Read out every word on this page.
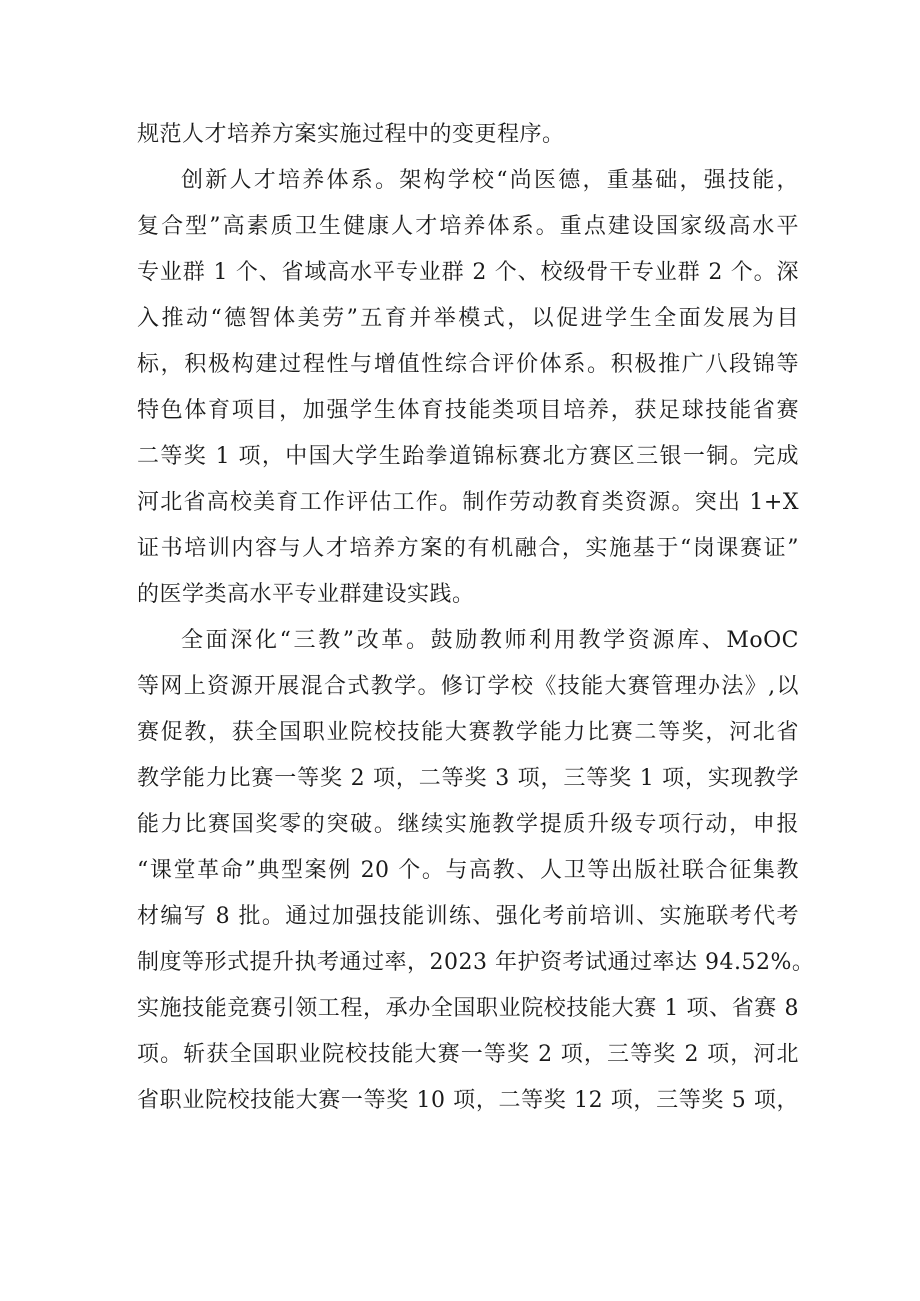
规范人才培养方案实施过程中的变更程序。
创新人才培养体系。架构学校“尚医德，重基础，强技能，
复合型”高素质卫生健康人才培养体系。重点建设国家级高水平
专业群 1 个、省域高水平专业群 2 个、校级骨干专业群 2 个。深
入推动“德智体美劳”五育并举模式，以促进学生全面发展为目
标，积极构建过程性与增值性综合评价体系。积极推广八段锦等
特色体育项目，加强学生体育技能类项目培养，获足球技能省赛
二等奖 1 项，中国大学生跆拳道锦标赛北方赛区三银一铜。完成
河北省高校美育工作评估工作。制作劳动教育类资源。突出 1+X
证书培训内容与人才培养方案的有机融合，实施基于“岗课赛证”
的医学类高水平专业群建设实践。
全面深化“三教”改革。鼓励教师利用教学资源库、MoOC
等网上资源开展混合式教学。修订学校《技能大赛管理办法》,以
赛促教，获全国职业院校技能大赛教学能力比赛二等奖，河北省
教学能力比赛一等奖 2 项，二等奖 3 项，三等奖 1 项，实现教学
能力比赛国奖零的突破。继续实施教学提质升级专项行动，申报
“课堂革命”典型案例 20 个。与高教、人卫等出版社联合征集教
材编写 8 批。通过加强技能训练、强化考前培训、实施联考代考
制度等形式提升执考通过率，2023 年护资考试通过率达 94.52%。
实施技能竞赛引领工程，承办全国职业院校技能大赛 1 项、省赛 8
项。斩获全国职业院校技能大赛一等奖 2 项，三等奖 2 项，河北
省职业院校技能大赛一等奖 10 项，二等奖 12 项，三等奖 5 项，
